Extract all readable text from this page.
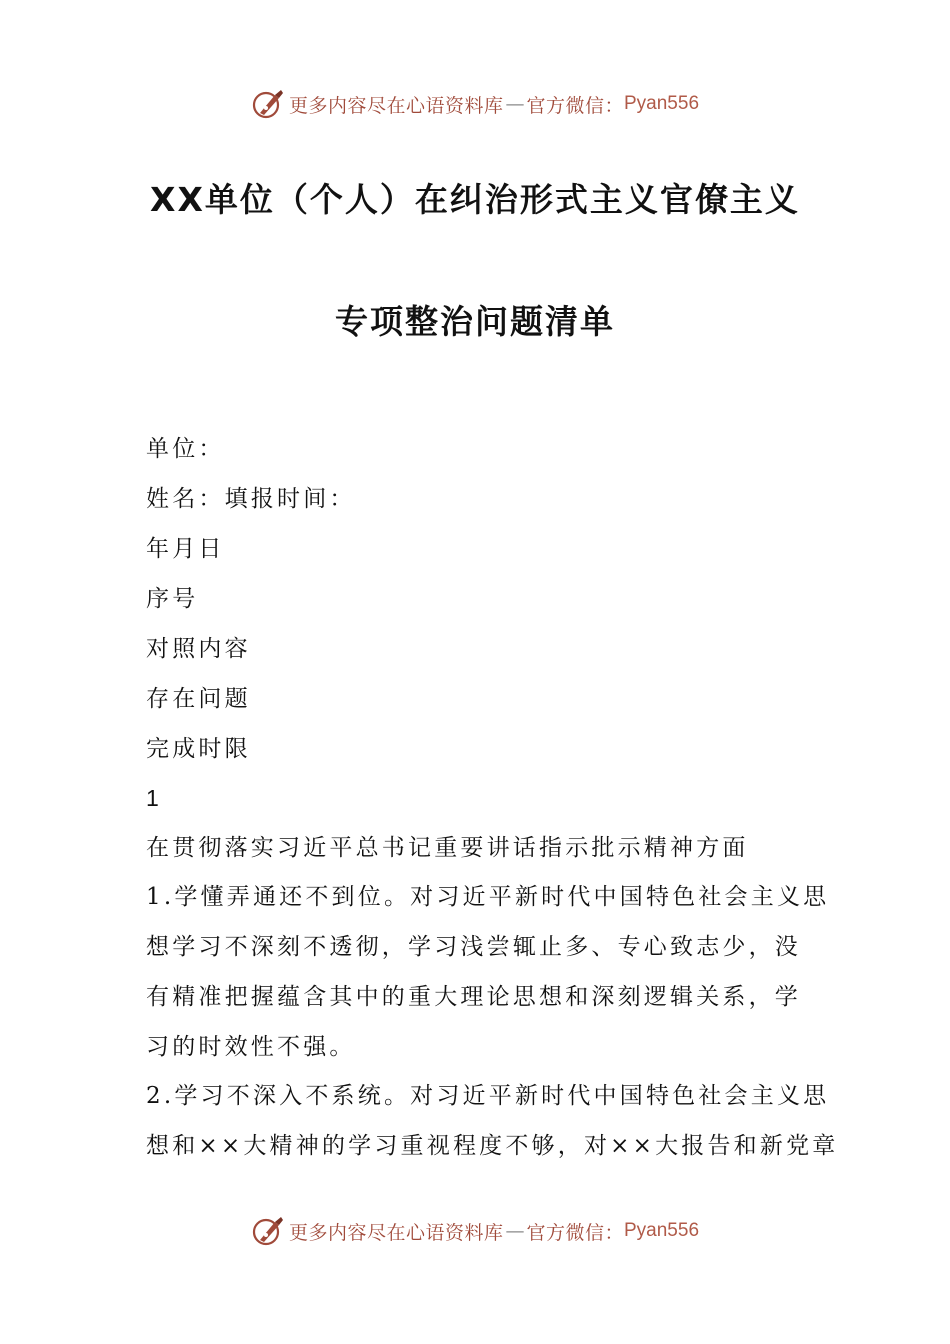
更多内容尽在心语资料库 — 官方微信： Pyan556
XX单位（个人）在纠治形式主义官僚主义
专项整治问题清单
单位：
姓名：填报时间：
年月日
序号
对照内容
存在问题
完成时限
1
在贯彻落实习近平总书记重要讲话指示批示精神方面
1.学懂弄通还不到位。对习近平新时代中国特色社会主义思
想学习不深刻不透彻，学习浅尝辄止多、专心致志少，没
有精准把握蕴含其中的重大理论思想和深刻逻辑关系，学
习的时效性不强。
2.学习不深入不系统。对习近平新时代中国特色社会主义思
想和××大精神的学习重视程度不够，对××大报告和新党章
更多内容尽在心语资料库 — 官方微信： Pyan556
